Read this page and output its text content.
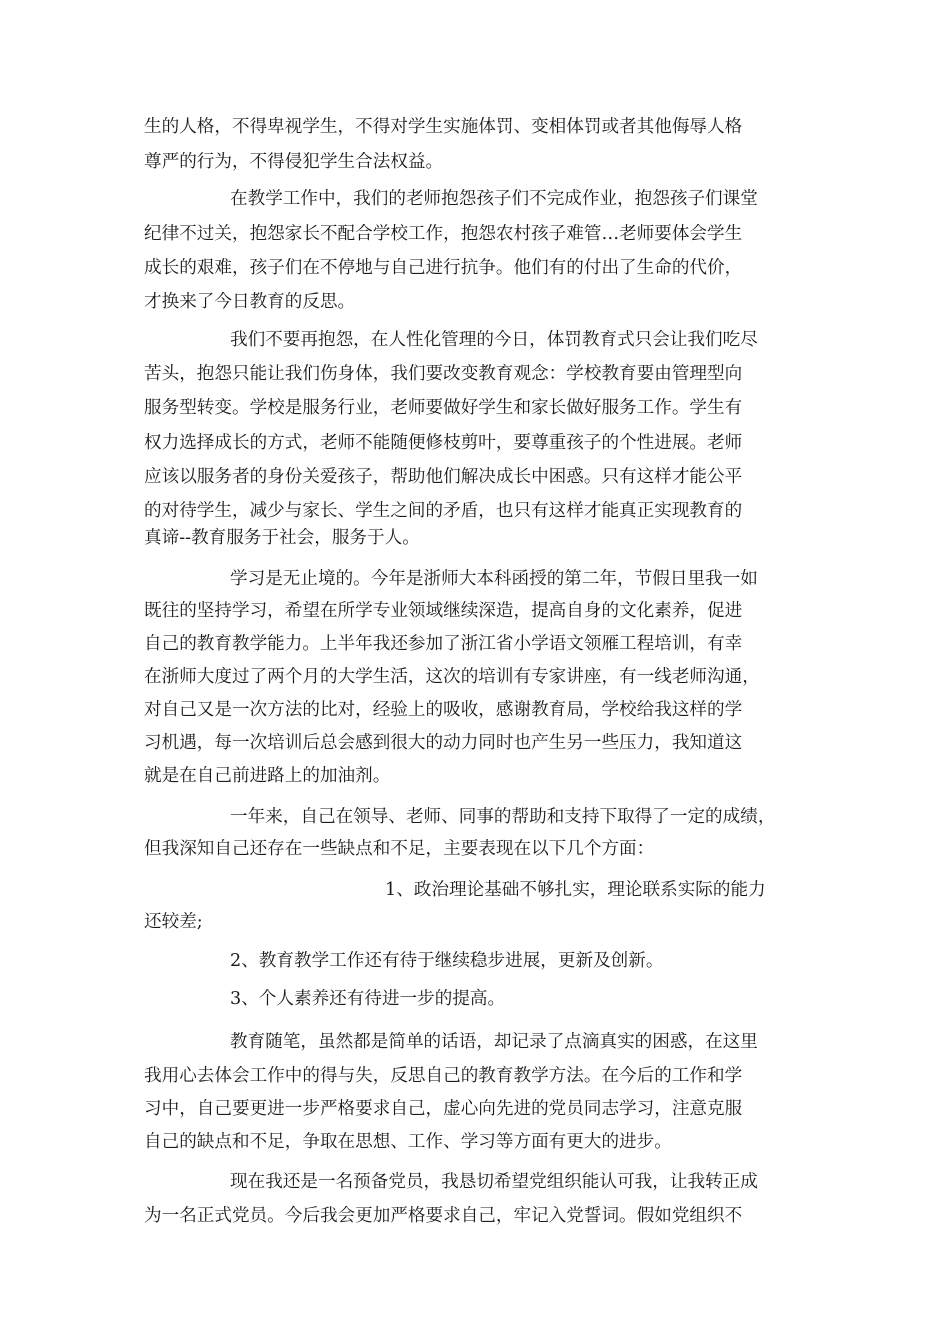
生的人格，不得卑视学生，不得对学生实施体罚、变相体罚或者其他侮辱人格
尊严的行为，不得侵犯学生合法权益。
在教学工作中，我们的老师抱怨孩子们不完成作业，抱怨孩子们课堂
纪律不过关，抱怨家长不配合学校工作，抱怨农村孩子难管…老师要体会学生
成长的艰难，孩子们在不停地与自己进行抗争。他们有的付出了生命的代价，
才换来了今日教育的反思。
我们不要再抱怨，在人性化管理的今日，体罚教育式只会让我们吃尽
苦头，抱怨只能让我们伤身体，我们要改变教育观念：学校教育要由管理型向
服务型转变。学校是服务行业，老师要做好学生和家长做好服务工作。学生有
权力选择成长的方式，老师不能随便修枝剪叶，要尊重孩子的个性进展。老师
应该以服务者的身份关爱孩子，帮助他们解决成长中困惑。只有这样才能公平
的对待学生，减少与家长、学生之间的矛盾，也只有这样才能真正实现教育的
真谛--教育服务于社会，服务于人。
学习是无止境的。今年是浙师大本科函授的第二年，节假日里我一如
既往的坚持学习，希望在所学专业领域继续深造，提高自身的文化素养，促进
自己的教育教学能力。上半年我还参加了浙江省小学语文领雁工程培训，有幸
在浙师大度过了两个月的大学生活，这次的培训有专家讲座，有一线老师沟通，
对自己又是一次方法的比对，经验上的吸收，感谢教育局，学校给我这样的学
习机遇，每一次培训后总会感到很大的动力同时也产生另一些压力，我知道这
就是在自己前进路上的加油剂。
一年来，自己在领导、老师、同事的帮助和支持下取得了一定的成绩，
但我深知自己还存在一些缺点和不足，主要表现在以下几个方面：
1、政治理论基础不够扎实，理论联系实际的能力
还较差;
2、教育教学工作还有待于继续稳步进展，更新及创新。
3、个人素养还有待进一步的提高。
教育随笔，虽然都是简单的话语，却记录了点滴真实的困惑，在这里
我用心去体会工作中的得与失，反思自己的教育教学方法。在今后的工作和学
习中，自己要更进一步严格要求自己，虚心向先进的党员同志学习，注意克服
自己的缺点和不足，争取在思想、工作、学习等方面有更大的进步。
现在我还是一名预备党员，我恳切希望党组织能认可我，让我转正成
为一名正式党员。今后我会更加严格要求自己，牢记入党誓词。假如党组织不
